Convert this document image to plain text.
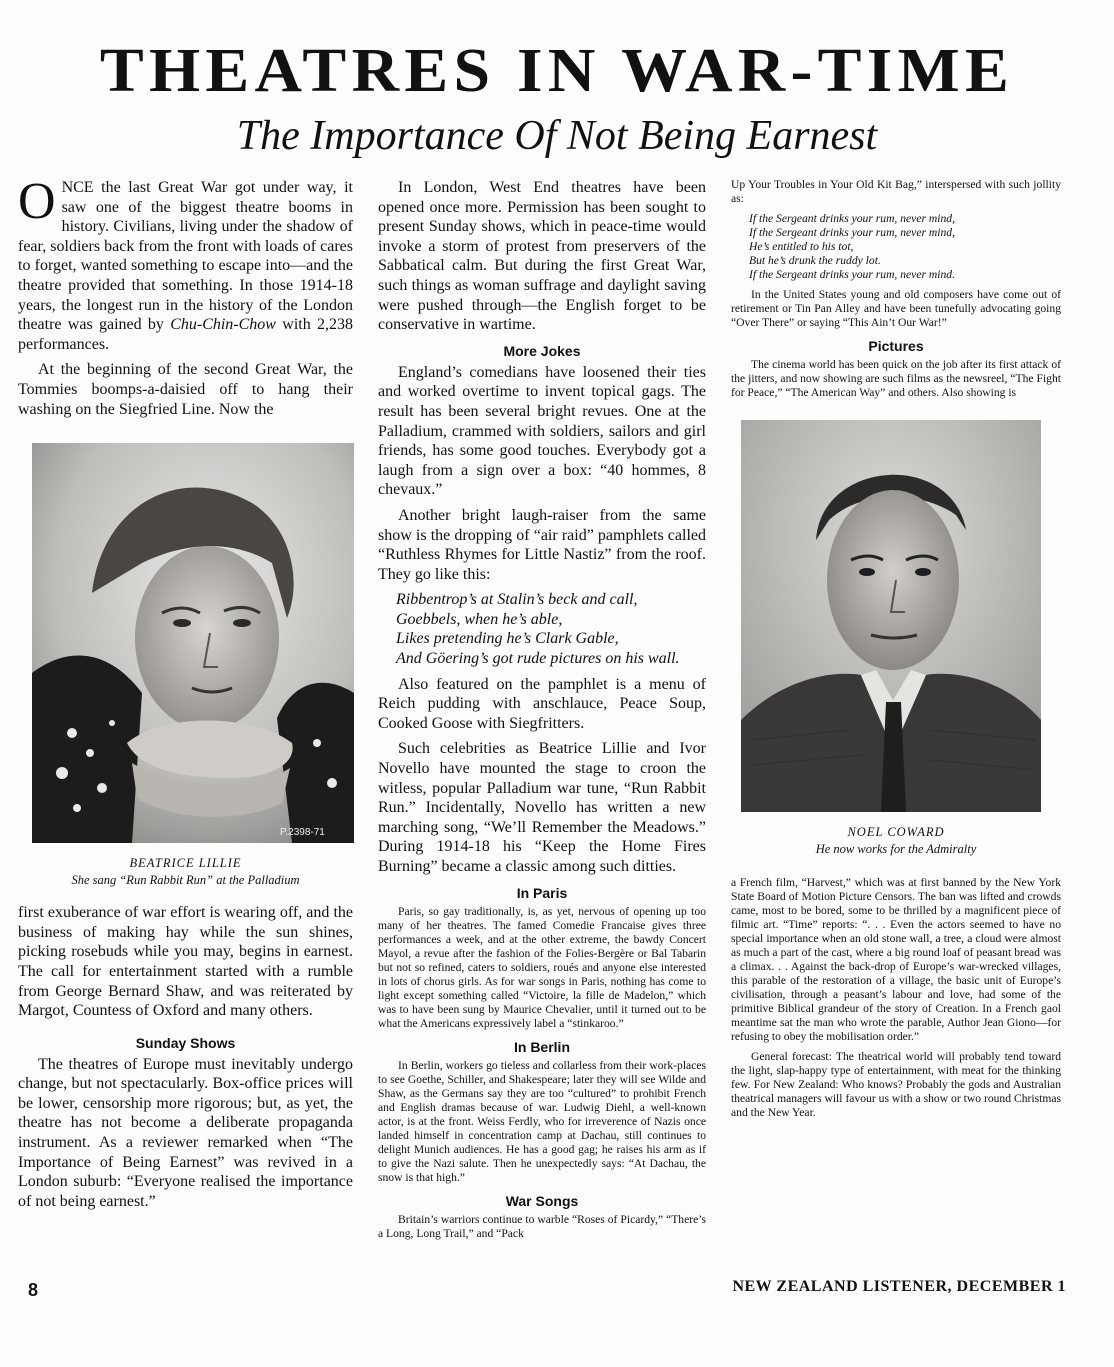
THEATRES IN WAR-TIME
The Importance Of Not Being Earnest

ONCE the last Great War got under way, it saw one of the biggest theatre booms in history. Civilians, living under the shadow of fear, soldiers back from the front with loads of cares to forget, wanted something to escape into—and the theatre provided that something. In those 1914-18 years, the longest run in the history of the London theatre was gained by Chu-Chin-Chow with 2,238 performances.

At the beginning of the second Great War, the Tommies boomps-a-daisied off to hang their washing on the Siegfried Line. Now the

P.2398-71
BEATRICE LILLIE
She sang “Run Rabbit Run” at the Palladium

first exuberance of war effort is wearing off, and the business of making hay while the sun shines, picking rosebuds while you may, begins in earnest. The call for entertainment started with a rumble from George Bernard Shaw, and was reiterated by Margot, Countess of Oxford and many others.

Sunday Shows

The theatres of Europe must inevitably undergo change, but not spectacularly. Box-office prices will be lower, censorship more rigorous; but, as yet, the theatre has not become a deliberate propaganda instrument. As a reviewer remarked when “The Importance of Being Earnest” was revived in a London suburb: “Everyone realised the importance of not being earnest.”

In London, West End theatres have been opened once more. Permission has been sought to present Sunday shows, which in peace-time would invoke a storm of protest from preservers of the Sabbatical calm. But during the first Great War, such things as woman suffrage and daylight saving were pushed through—the English forget to be conservative in wartime.

More Jokes

England’s comedians have loosened their ties and worked overtime to invent topical gags. The result has been several bright revues. One at the Palladium, crammed with soldiers, sailors and girl friends, has some good touches. Everybody got a laugh from a sign over a box: “40 hommes, 8 chevaux.”

Another bright laugh-raiser from the same show is the dropping of “air raid” pamphlets called “Ruthless Rhymes for Little Nastiz” from the roof. They go like this:

Ribbentrop’s at Stalin’s beck and call,
Goebbels, when he’s able,
Likes pretending he’s Clark Gable,
And Göering’s got rude pictures on his wall.

Also featured on the pamphlet is a menu of Reich pudding with anschlauce, Peace Soup, Cooked Goose with Siegfritters.

Such celebrities as Beatrice Lillie and Ivor Novello have mounted the stage to croon the witless, popular Palladium war tune, “Run Rabbit Run.” Incidentally, Novello has written a new marching song, “We’ll Remember the Meadows.” During 1914-18 his “Keep the Home Fires Burning” became a classic among such ditties.

In Paris

Paris, so gay traditionally, is, as yet, nervous of opening up too many of her theatres. The famed Comedie Francaise gives three performances a week, and at the other extreme, the bawdy Concert Mayol, a revue after the fashion of the Folies-Bergère or Bal Tabarin but not so refined, caters to soldiers, roués and anyone else interested in lots of chorus girls. As for war songs in Paris, nothing has come to light except something called “Victoire, la fille de Madelon,” which was to have been sung by Maurice Chevalier, until it turned out to be what the Americans expressively label a “stinkaroo.”

In Berlin

In Berlin, workers go tieless and collarless from their work-places to see Goethe, Schiller, and Shakespeare; later they will see Wilde and Shaw, as the Germans say they are too “cultured” to prohibit French and English dramas because of war. Ludwig Diehl, a well-known actor, is at the front. Weiss Ferdly, who for irreverence of Nazis once landed himself in concentration camp at Dachau, still continues to delight Munich audiences. He has a good gag; he raises his arm as if to give the Nazi salute. Then he unexpectedly says: “At Dachau, the snow is that high.”

War Songs

Britain’s warriors continue to warble “Roses of Picardy,” “There’s a Long, Long Trail,” and “Pack

Up Your Troubles in Your Old Kit Bag,” interspersed with such jollity as:

If the Sergeant drinks your rum, never mind,
If the Sergeant drinks your rum, never mind,
He’s entitled to his tot,
But he’s drunk the ruddy lot.
If the Sergeant drinks your rum, never mind.

In the United States young and old composers have come out of retirement or Tin Pan Alley and have been tunefully advocating going “Over There” or saying “This Ain’t Our War!”

Pictures

The cinema world has been quick on the job after its first attack of the jitters, and now showing are such films as the newsreel, “The Fight for Peace,” “The American Way” and others. Also showing is

NOEL COWARD
He now works for the Admiralty

a French film, “Harvest,” which was at first banned by the New York State Board of Motion Picture Censors. The ban was lifted and crowds came, most to be bored, some to be thrilled by a magnificent piece of filmic art. “Time” reports: “. . . Even the actors seemed to have no special importance when an old stone wall, a tree, a cloud were almost as much a part of the cast, where a big round loaf of peasant bread was a climax. . . Against the back-drop of Europe’s war-wrecked villages, this parable of the restoration of a village, the basic unit of Europe’s civilisation, through a peasant’s labour and love, had some of the primitive Biblical grandeur of the story of Creation. In a French gaol meantime sat the man who wrote the parable, Author Jean Giono—for refusing to obey the mobilisation order.”

General forecast: The theatrical world will probably tend toward the light, slap-happy type of entertainment, with meat for the thinking few. For New Zealand: Who knows? Probably the gods and Australian theatrical managers will favour us with a show or two round Christmas and the New Year.

8	NEW ZEALAND LISTENER, DECEMBER 1
